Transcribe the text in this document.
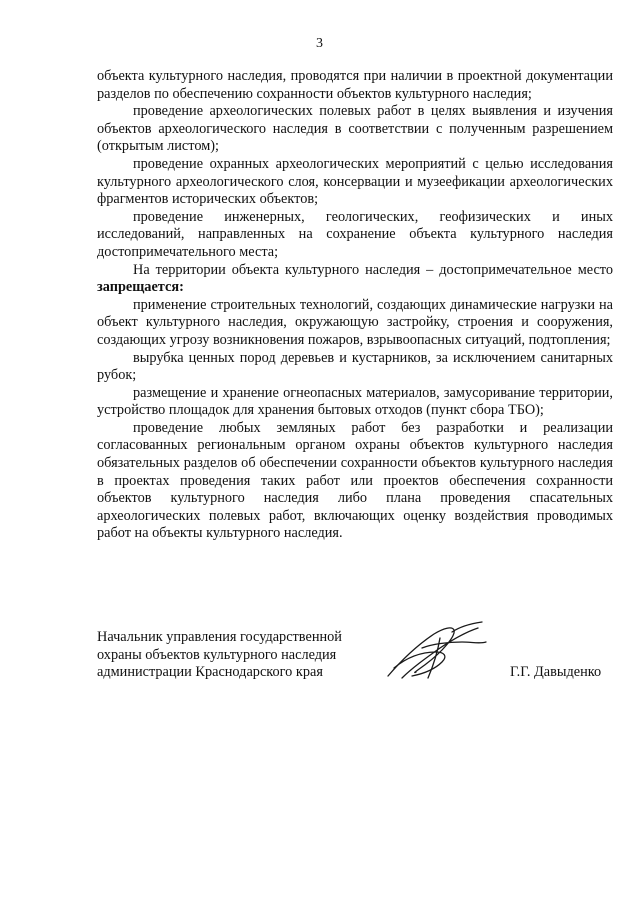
3

объекта культурного наследия, проводятся при наличии в проектной документации разделов по обеспечению сохранности объектов культурного наследия;

проведение археологических полевых работ в целях выявления и изучения объектов археологического наследия в соответствии с полученным разрешением (открытым листом);

проведение охранных археологических мероприятий с целью исследования культурного археологического слоя, консервации и музеефикации археологических фрагментов исторических объектов;

проведение инженерных, геологических, геофизических и иных исследований, направленных на сохранение объекта культурного наследия достопримечательного места;

На территории объекта культурного наследия – достопримечательное место запрещается:

применение строительных технологий, создающих динамические нагрузки на объект культурного наследия, окружающую застройку, строения и сооружения, создающих угрозу возникновения пожаров, взрывоопасных ситуаций, подтопления;

вырубка ценных пород деревьев и кустарников, за исключением санитарных рубок;

размещение и хранение огнеопасных материалов, замусоривание территории, устройство площадок для хранения бытовых отходов (пункт сбора ТБО);

проведение любых земляных работ без разработки и реализации согласованных региональным органом охраны объектов культурного наследия обязательных разделов об обеспечении сохранности объектов культурного наследия в проектах проведения таких работ или проектов обеспечения сохранности объектов культурного наследия либо плана проведения спасательных археологических полевых работ, включающих оценку воздействия проводимых работ на объекты культурного наследия.

Начальник управления государственной
охраны объектов культурного наследия
администрации Краснодарского края	Г.Г. Давыденко
